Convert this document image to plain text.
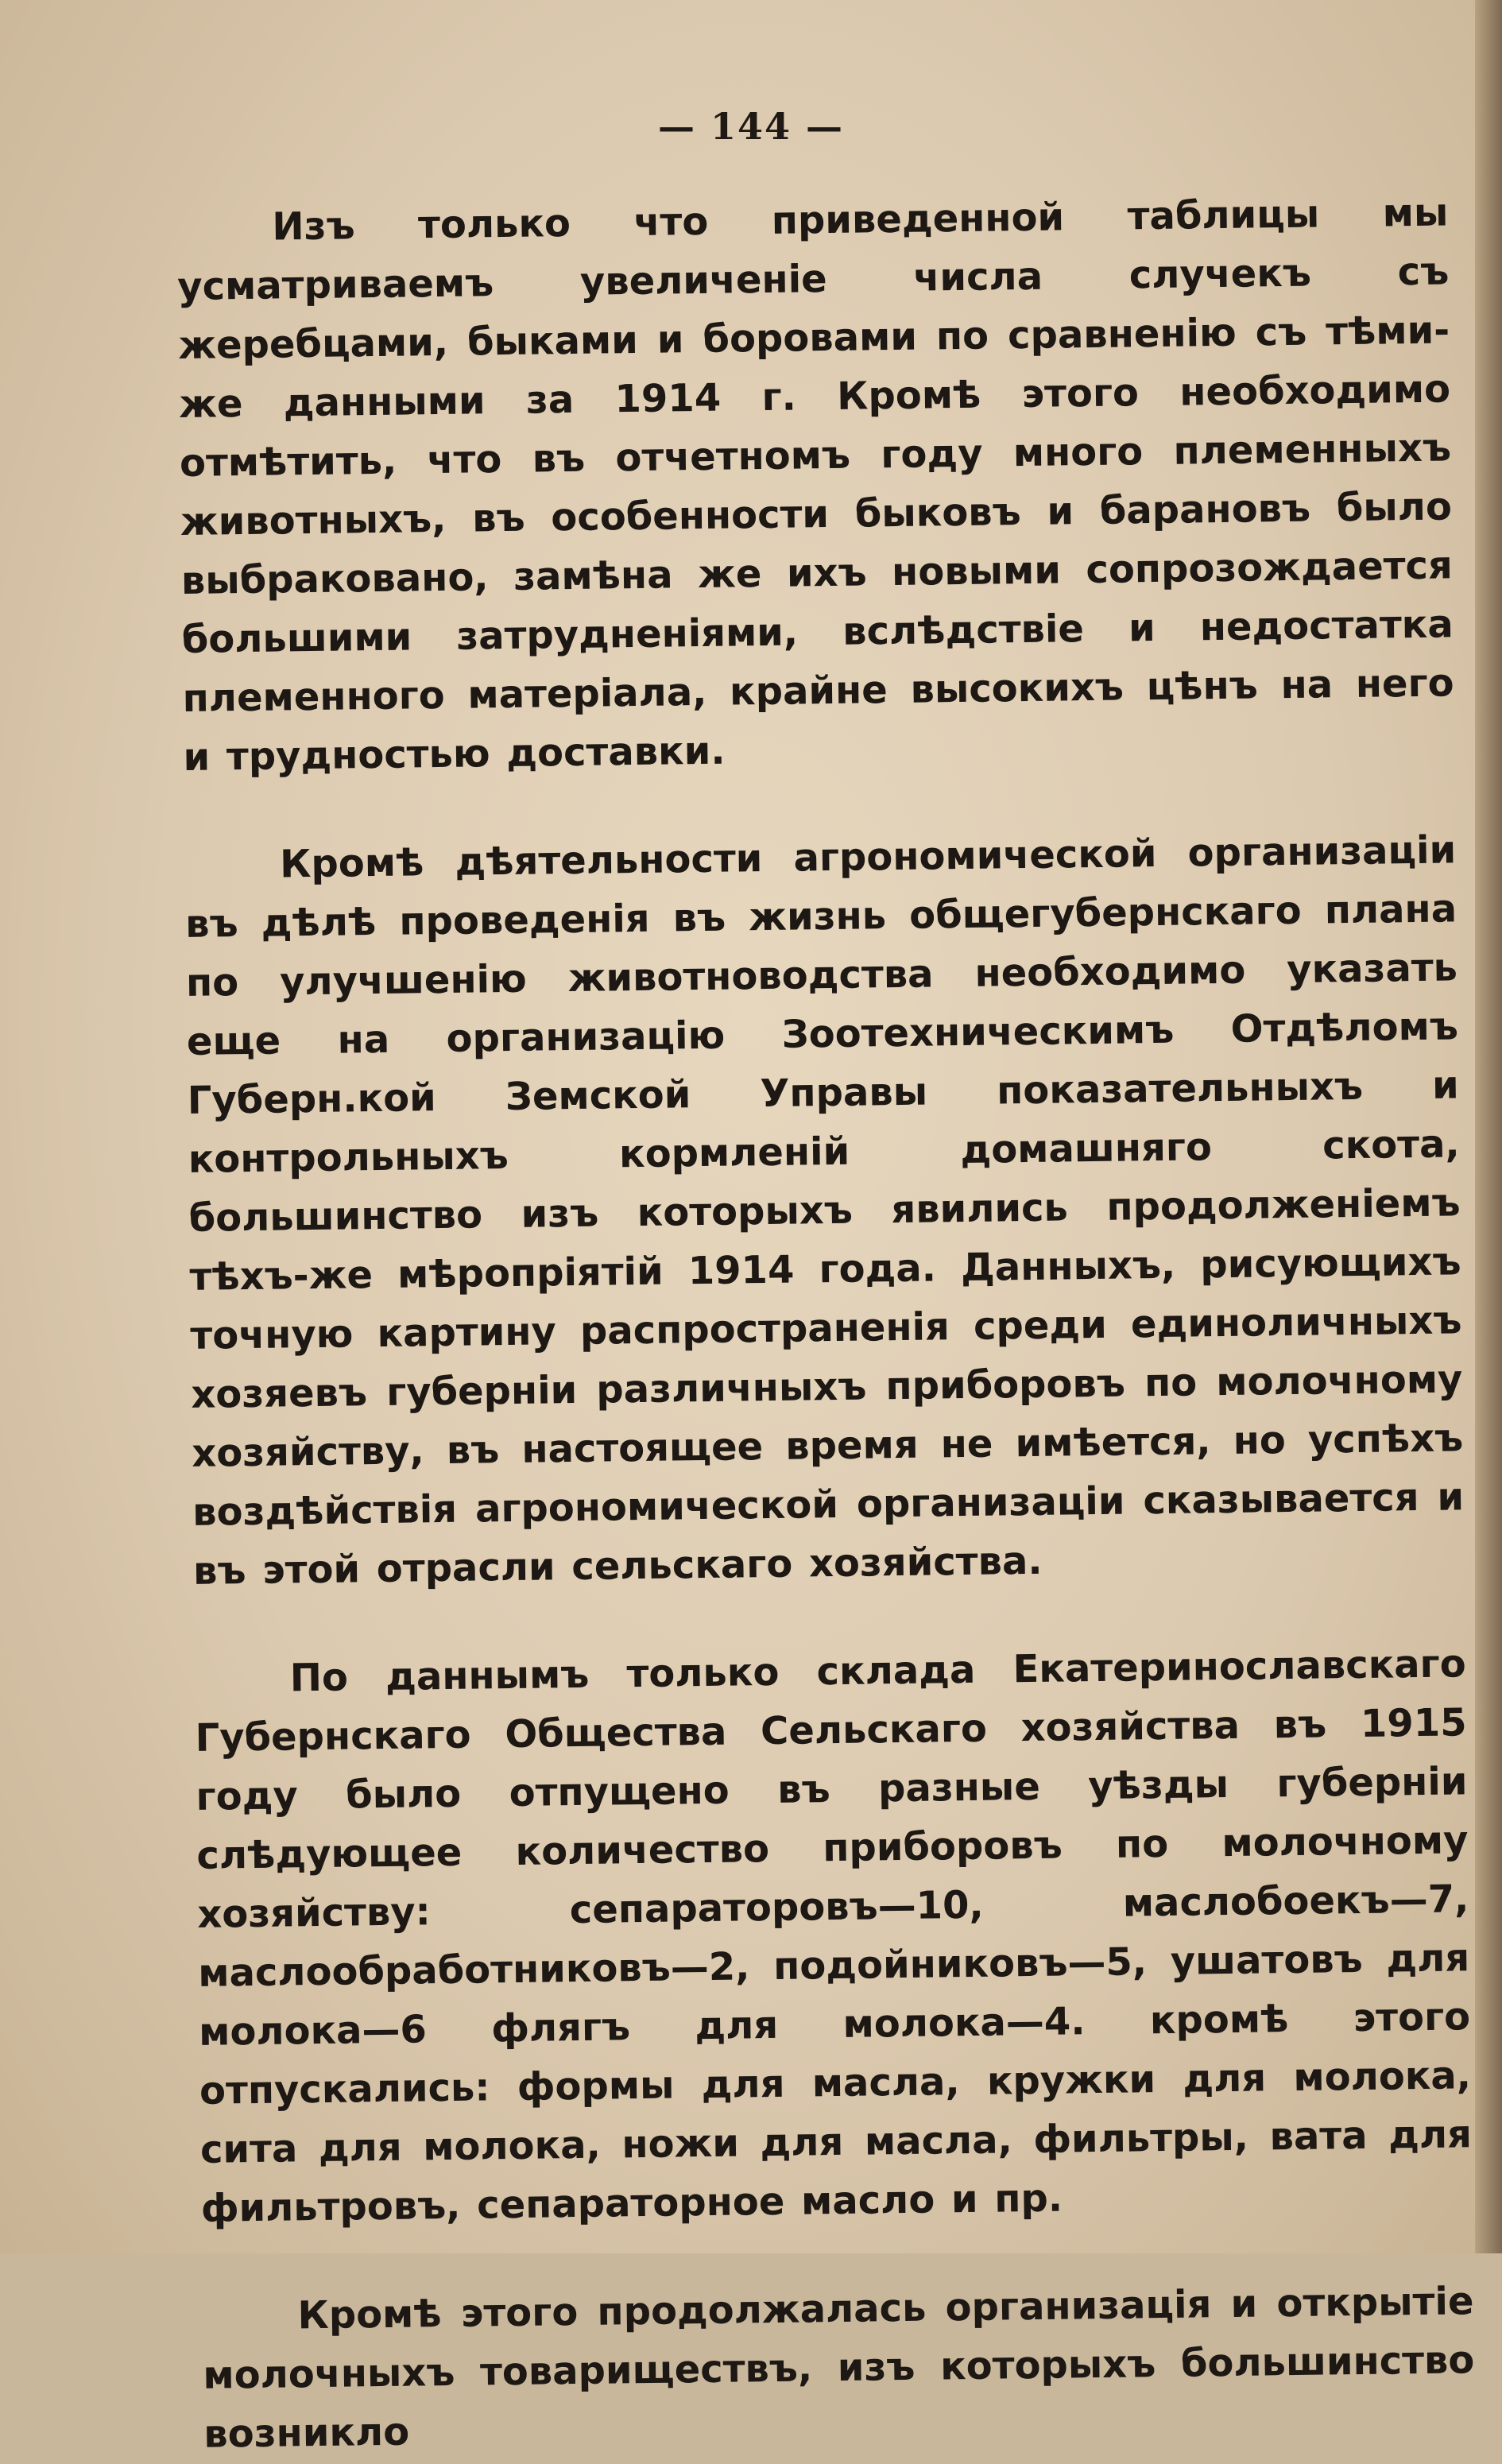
— 144 —

Изъ только что приведенной таблицы мы усматриваемъ увеличеніе числа случекъ съ жеребцами, быками и боровами по сравненію съ тѣми-же данными за 1914 г. Кромѣ этого необходимо отмѣтить, что въ отчетномъ году много племенныхъ животныхъ, въ особенности быковъ и барановъ было выбраковано, замѣна же ихъ новыми сопрозождается большими затрудненіями, вслѣдствіе и недостатка племенного матеріала, крайне высокихъ цѣнъ на него и трудностью доставки.

Кромѣ дѣятельности агрономической организаціи въ дѣлѣ проведенія въ жизнь общегубернскаго плана по улучшенію животноводства необходимо указать еще на организацію Зоотехническимъ Отдѣломъ Губерн.кой Земской Управы показательныхъ и контрольныхъ кормленій домашняго скота, большинство изъ которыхъ явились продолженіемъ тѣхъ-же мѣропріятій 1914 года. Данныхъ, рисующихъ точную картину распространенія среди единоличныхъ хозяевъ губерніи различныхъ приборовъ по молочному хозяйству, въ настоящее время не имѣется, но успѣхъ воздѣйствія агрономической организаціи сказывается и въ этой отрасли сельскаго хозяйства.

По даннымъ только склада Екатеринославскаго Губернскаго Общества Сельскаго хозяйства въ 1915 году было отпущено въ разные уѣзды губерніи слѣдующее количество приборовъ по молочному хозяйству: сепараторовъ—10, маслобоекъ—7, маслообработниковъ—2, подойниковъ—5, ушатовъ для молока—6 флягъ для молока—4. кромѣ этого отпускались: формы для масла, кружки для молока, сита для молока, ножи для масла, фильтры, вата для фильтровъ, сепараторное масло и пр.

Кромѣ этого продолжалась организація и открытіе молочныхъ товариществъ, изъ которыхъ большинство возникло
